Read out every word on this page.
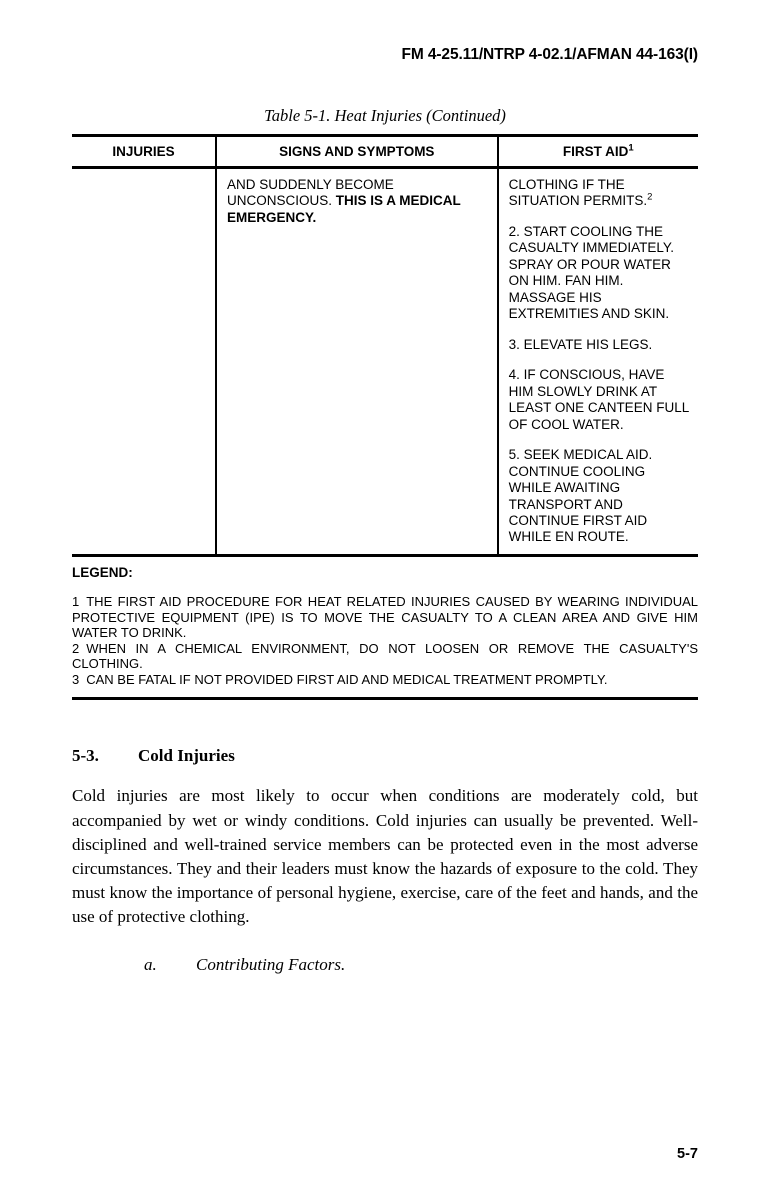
FM 4-25.11/NTRP 4-02.1/AFMAN 44-163(I)
Table 5-1. Heat Injuries (Continued)
INJURIES	SIGNS AND SYMPTOMS	FIRST AID$^1$
	AND SUDDENLY BECOME UNCONSCIOUS. THIS IS A MEDICAL EMERGENCY.	CLOTHING IF THE SITUATION PERMITS.$^2$
2. START COOLING THE CASUALTY IMMEDIATELY. SPRAY OR POUR WATER ON HIM. FAN HIM. MASSAGE HIS EXTREMITIES AND SKIN.
3. ELEVATE HIS LEGS.
4. IF CONSCIOUS, HAVE HIM SLOWLY DRINK AT LEAST ONE CANTEEN FULL OF COOL WATER.
5. SEEK MEDICAL AID. CONTINUE COOLING WHILE AWAITING TRANSPORT AND CONTINUE FIRST AID WHILE EN ROUTE.
LEGEND:
1 THE FIRST AID PROCEDURE FOR HEAT RELATED INJURIES CAUSED BY WEARING INDIVIDUAL PROTECTIVE EQUIPMENT (IPE) IS TO MOVE THE CASUALTY TO A CLEAN AREA AND GIVE HIM WATER TO DRINK.
2 WHEN IN A CHEMICAL ENVIRONMENT, DO NOT LOOSEN OR REMOVE THE CASUALTY'S CLOTHING.
3 CAN BE FATAL IF NOT PROVIDED FIRST AID AND MEDICAL TREATMENT PROMPTLY.
5-3. Cold Injuries
Cold injuries are most likely to occur when conditions are moderately cold, but accompanied by wet or windy conditions. Cold injuries can usually be prevented. Well-disciplined and well-trained service members can be protected even in the most adverse circumstances. They and their leaders must know the hazards of exposure to the cold. They must know the importance of personal hygiene, exercise, care of the feet and hands, and the use of protective clothing.
a. Contributing Factors.
5-7
